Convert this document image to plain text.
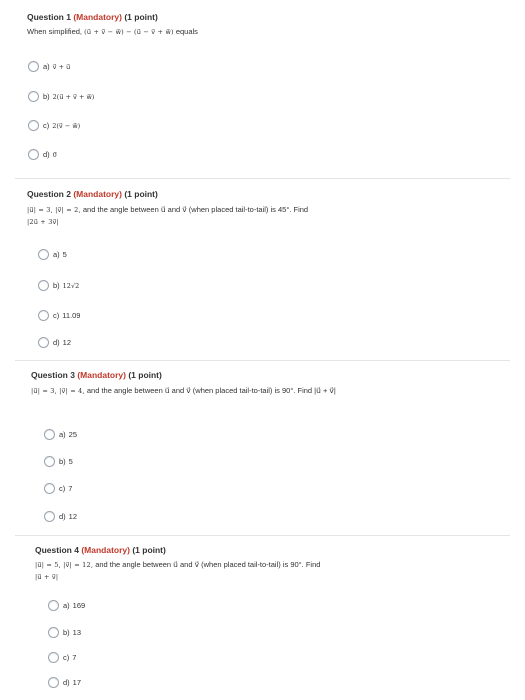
Question 1 (Mandatory) (1 point)
When simplified, (u⃗ + v⃗ − w⃗) − (u⃗ − v⃗ + w⃗) equals
a) v⃗ + u⃗
b) 2(u⃗ + v⃗ + w⃗)
c) 2(v⃗ − w⃗)
d) 0⃗
Question 2 (Mandatory) (1 point)
|u⃗| = 3, |v⃗| = 2, and the angle between u⃗ and v⃗ (when placed tail-to-tail) is 45°. Find
|2u⃗ + 3v⃗|
a) 5
b) 12√2
c) 11.09
d) 12
Question 3 (Mandatory) (1 point)
|u⃗| = 3, |v⃗| = 4, and the angle between u⃗ and v⃗ (when placed tail-to-tail) is 90°. Find |u⃗ + v⃗|
a) 25
b) 5
c) 7
d) 12
Question 4 (Mandatory) (1 point)
|u⃗| = 5, |v⃗| = 12, and the angle between u⃗ and v⃗ (when placed tail-to-tail) is 90°. Find
|u⃗ + v⃗|
a) 169
b) 13
c) 7
d) 17
